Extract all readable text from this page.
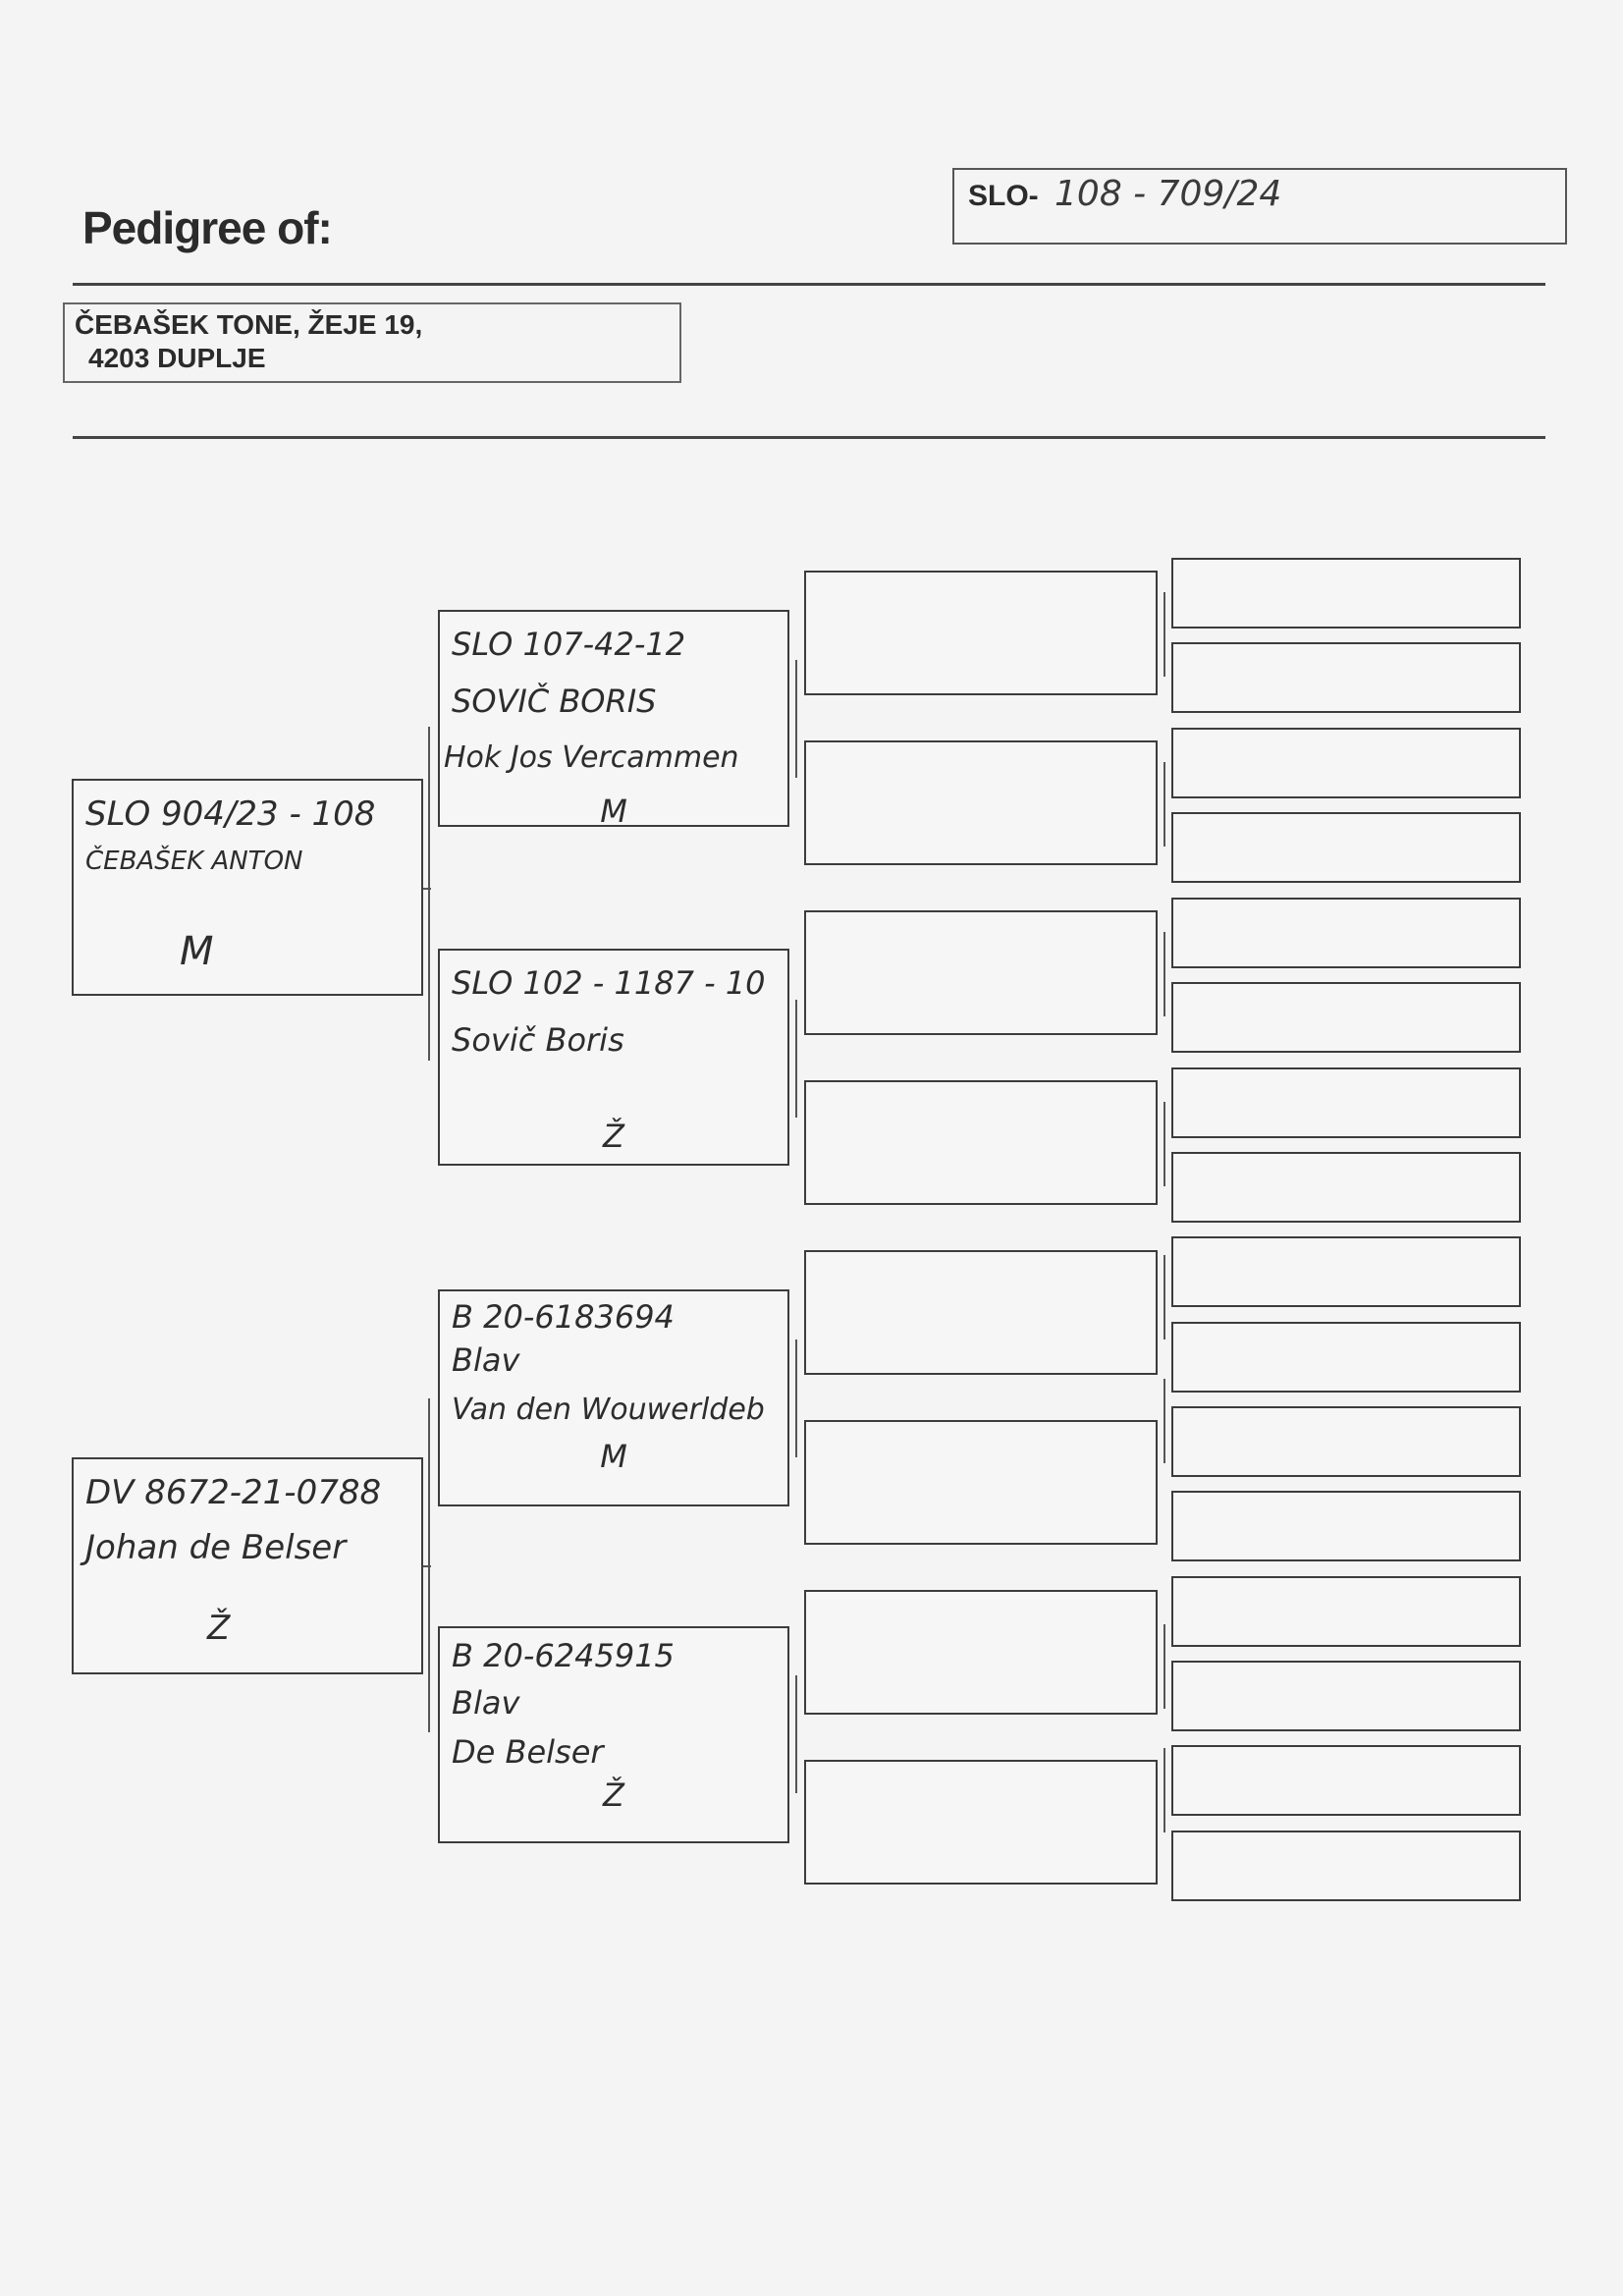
Pedigree of:
SLO- 108 - 709/24
ČEBAŠEK TONE, ŽEJE 19,
4203 DUPLJE
SLO 904/23 - 108
ČEBAŠEK ANTON
M
DV 8672-21-0788
Johan de Belser
Ž
SLO 107-42-12
SOVIČ BORIS
Hok Jos Vercammen
M
SLO 102 - 1187 - 10
Sovič Boris
Ž
B 20-6183694
Blav
Van den Wouwerldeb
M
B 20-6245915
Blav
De Belser
Ž
